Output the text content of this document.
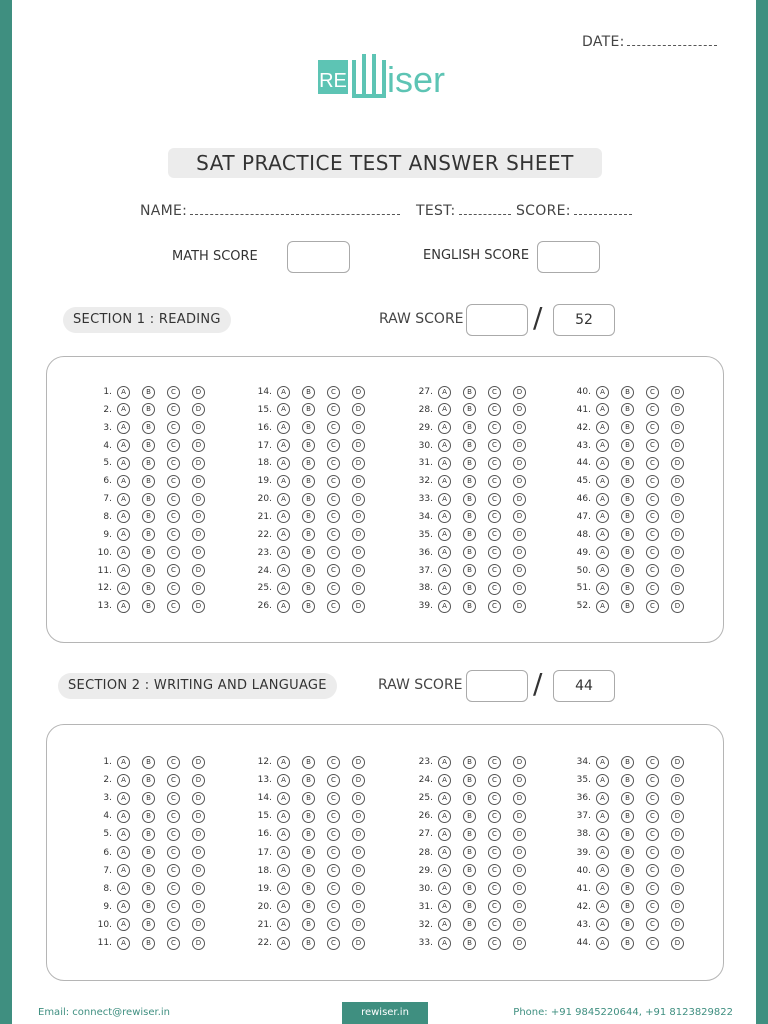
DATE:
RE iser
SAT PRACTICE TEST ANSWER SHEET
NAME:	TEST:	SCORE:
MATH SCORE	ENGLISH SCORE
SECTION 1 : READING	RAW SCORE /	52
1.	A	B	C	D
2.	A	B	C	D
3.	A	B	C	D
4.	A	B	C	D
5.	A	B	C	D
6.	A	B	C	D
7.	A	B	C	D
8.	A	B	C	D
9.	A	B	C	D
10.	A	B	C	D
11.	A	B	C	D
12.	A	B	C	D
13.	A	B	C	D
14.	A	B	C	D
15.	A	B	C	D
16.	A	B	C	D
17.	A	B	C	D
18.	A	B	C	D
19.	A	B	C	D
20.	A	B	C	D
21.	A	B	C	D
22.	A	B	C	D
23.	A	B	C	D
24.	A	B	C	D
25.	A	B	C	D
26.	A	B	C	D
27.	A	B	C	D
28.	A	B	C	D
29.	A	B	C	D
30.	A	B	C	D
31.	A	B	C	D
32.	A	B	C	D
33.	A	B	C	D
34.	A	B	C	D
35.	A	B	C	D
36.	A	B	C	D
37.	A	B	C	D
38.	A	B	C	D
39.	A	B	C	D
40.	A	B	C	D
41.	A	B	C	D
42.	A	B	C	D
43.	A	B	C	D
44.	A	B	C	D
45.	A	B	C	D
46.	A	B	C	D
47.	A	B	C	D
48.	A	B	C	D
49.	A	B	C	D
50.	A	B	C	D
51.	A	B	C	D
52.	A	B	C	D
SECTION 2 : WRITING AND LANGUAGE	RAW SCORE	/	44
1.	A	B	C	D
2.	A	B	C	D
3.	A	B	C	D
4.	A	B	C	D
5.	A	B	C	D
6.	A	B	C	D
7.	A	B	C	D
8.	A	B	C	D
9.	A	B	C	D
10.	A	B	C	D
11.	A	B	C	D
12.	A	B	C	D
13.	A	B	C	D
14.	A	B	C	D
15.	A	B	C	D
16.	A	B	C	D
17.	A	B	C	D
18.	A	B	C	D
19.	A	B	C	D
20.	A	B	C	D
21.	A	B	C	D
22.	A	B	C	D
23.	A	B	C	D
24.	A	B	C	D
25.	A	B	C	D
26.	A	B	C	D
27.	A	B	C	D
28.	A	B	C	D
29.	A	B	C	D
30.	A	B	C	D
31.	A	B	C	D
32.	A	B	C	D
33.	A	B	C	D
34.	A	B	C	D
35.	A	B	C	D
36.	A	B	C	D
37.	A	B	C	D
38.	A	B	C	D
39.	A	B	C	D
40.	A	B	C	D
41.	A	B	C	D
42.	A	B	C	D
43.	A	B	C	D
44.	A	B	C	D
Email: connect@rewiser.in	rewiser.in	Phone: +91 9845220644, +91 8123829822
